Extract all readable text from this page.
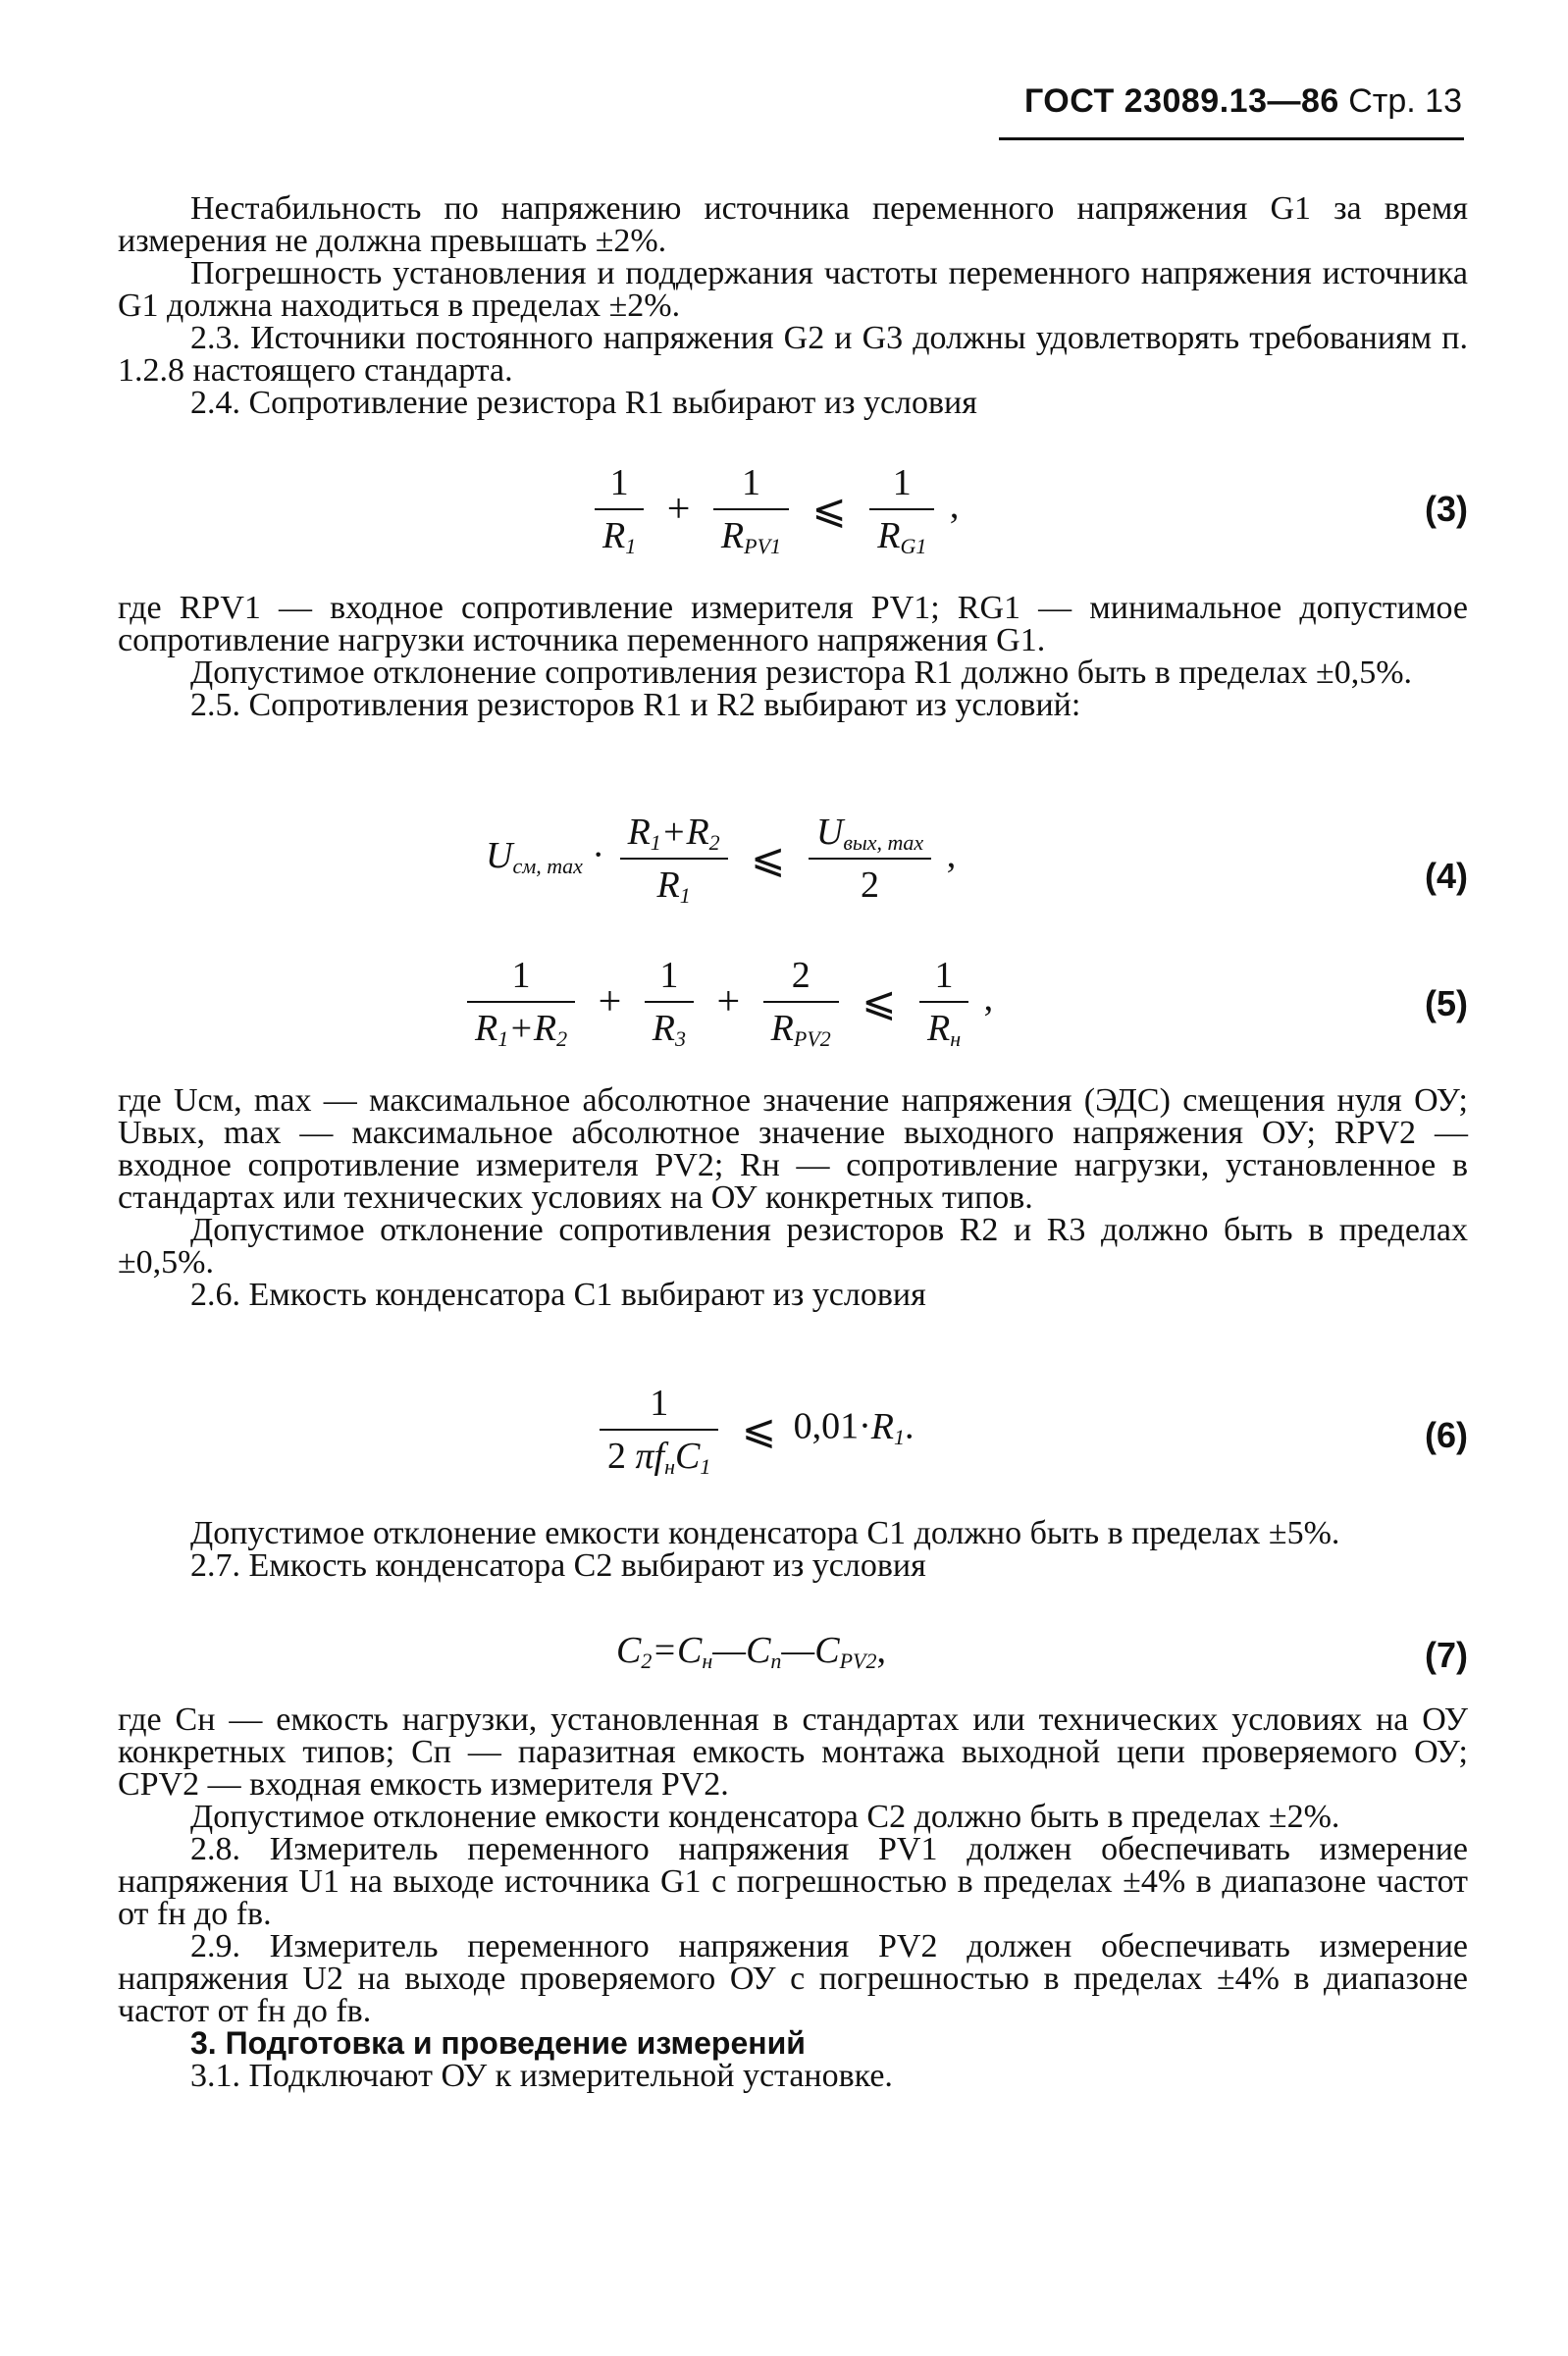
ГОСТ 23089.13—86 Стр. 13

Нестабильность по напряжению источника переменного напряжения G1 за время измерения не должна превышать ±2%.

Погрешность установления и поддержания частоты переменного напряжения источника G1 должна находиться в пределах ±2%.

2.3. Источники постоянного напряжения G2 и G3 должны удовлетворять требованиям п. 1.2.8 настоящего стандарта.

2.4. Сопротивление резистора R1 выбирают из условия

$\frac{1}{R_1} + \frac{1}{R_{PV1}}$ ⩽ $\frac{1}{R_{G1}}$ ,	(3)

где RPV1 — входное сопротивление измерителя PV1; RG1 — минимальное допустимое сопротивление нагрузки источника переменного напряжения G1.

Допустимое отклонение сопротивления резистора R1 должно быть в пределах ±0,5%.

2.5. Сопротивления резисторов R1 и R2 выбирают из условий:

$U_{см, max} \cdot \frac{R_1+R_2}{R_1}$ ⩽ $\frac{U_{вых, max}}{2}$ ,	(4)
$\frac{1}{R_1+R_2} + \frac{1}{R_3} + \frac{2}{R_{PV2}}$ ⩽ $\frac{1}{R_н}$ ,	(5)

где Uсм, max — максимальное абсолютное значение напряжения (ЭДС) смещения нуля ОУ; Uвых, max — максимальное абсолютное значение выходного напряжения ОУ; RPV2 — входное сопротивление измерителя PV2; Rн — сопротивление нагрузки, установленное в стандартах или технических условиях на ОУ конкретных типов.

Допустимое отклонение сопротивления резисторов R2 и R3 должно быть в пределах ±0,5%.

2.6. Емкость конденсатора C1 выбирают из условия

$\frac{1}{2 \pi f_нC_1}$ ⩽ $0,01\cdot R_1$.	(6)

Допустимое отклонение емкости конденсатора C1 должно быть в пределах ±5%.

2.7. Емкость конденсатора C2 выбирают из условия

$C_2=C_н—C_п—C_{PV2}$,	(7)

где Cн — емкость нагрузки, установленная в стандартах или технических условиях на ОУ конкретных типов; Cп — паразитная емкость монтажа выходной цепи проверяемого ОУ; CPV2 — входная емкость измерителя PV2.

Допустимое отклонение емкости конденсатора C2 должно быть в пределах ±2%.

2.8. Измеритель переменного напряжения PV1 должен обеспечивать измерение напряжения U1 на выходе источника G1 с погрешностью в пределах ±4% в диапазоне частот от fн до fв.

2.9. Измеритель переменного напряжения PV2 должен обеспечивать измерение напряжения U2 на выходе проверяемого ОУ с погрешностью в пределах ±4% в диапазоне частот от fн до fв.

3. Подготовка и проведение измерений

3.1. Подключают ОУ к измерительной установке.
